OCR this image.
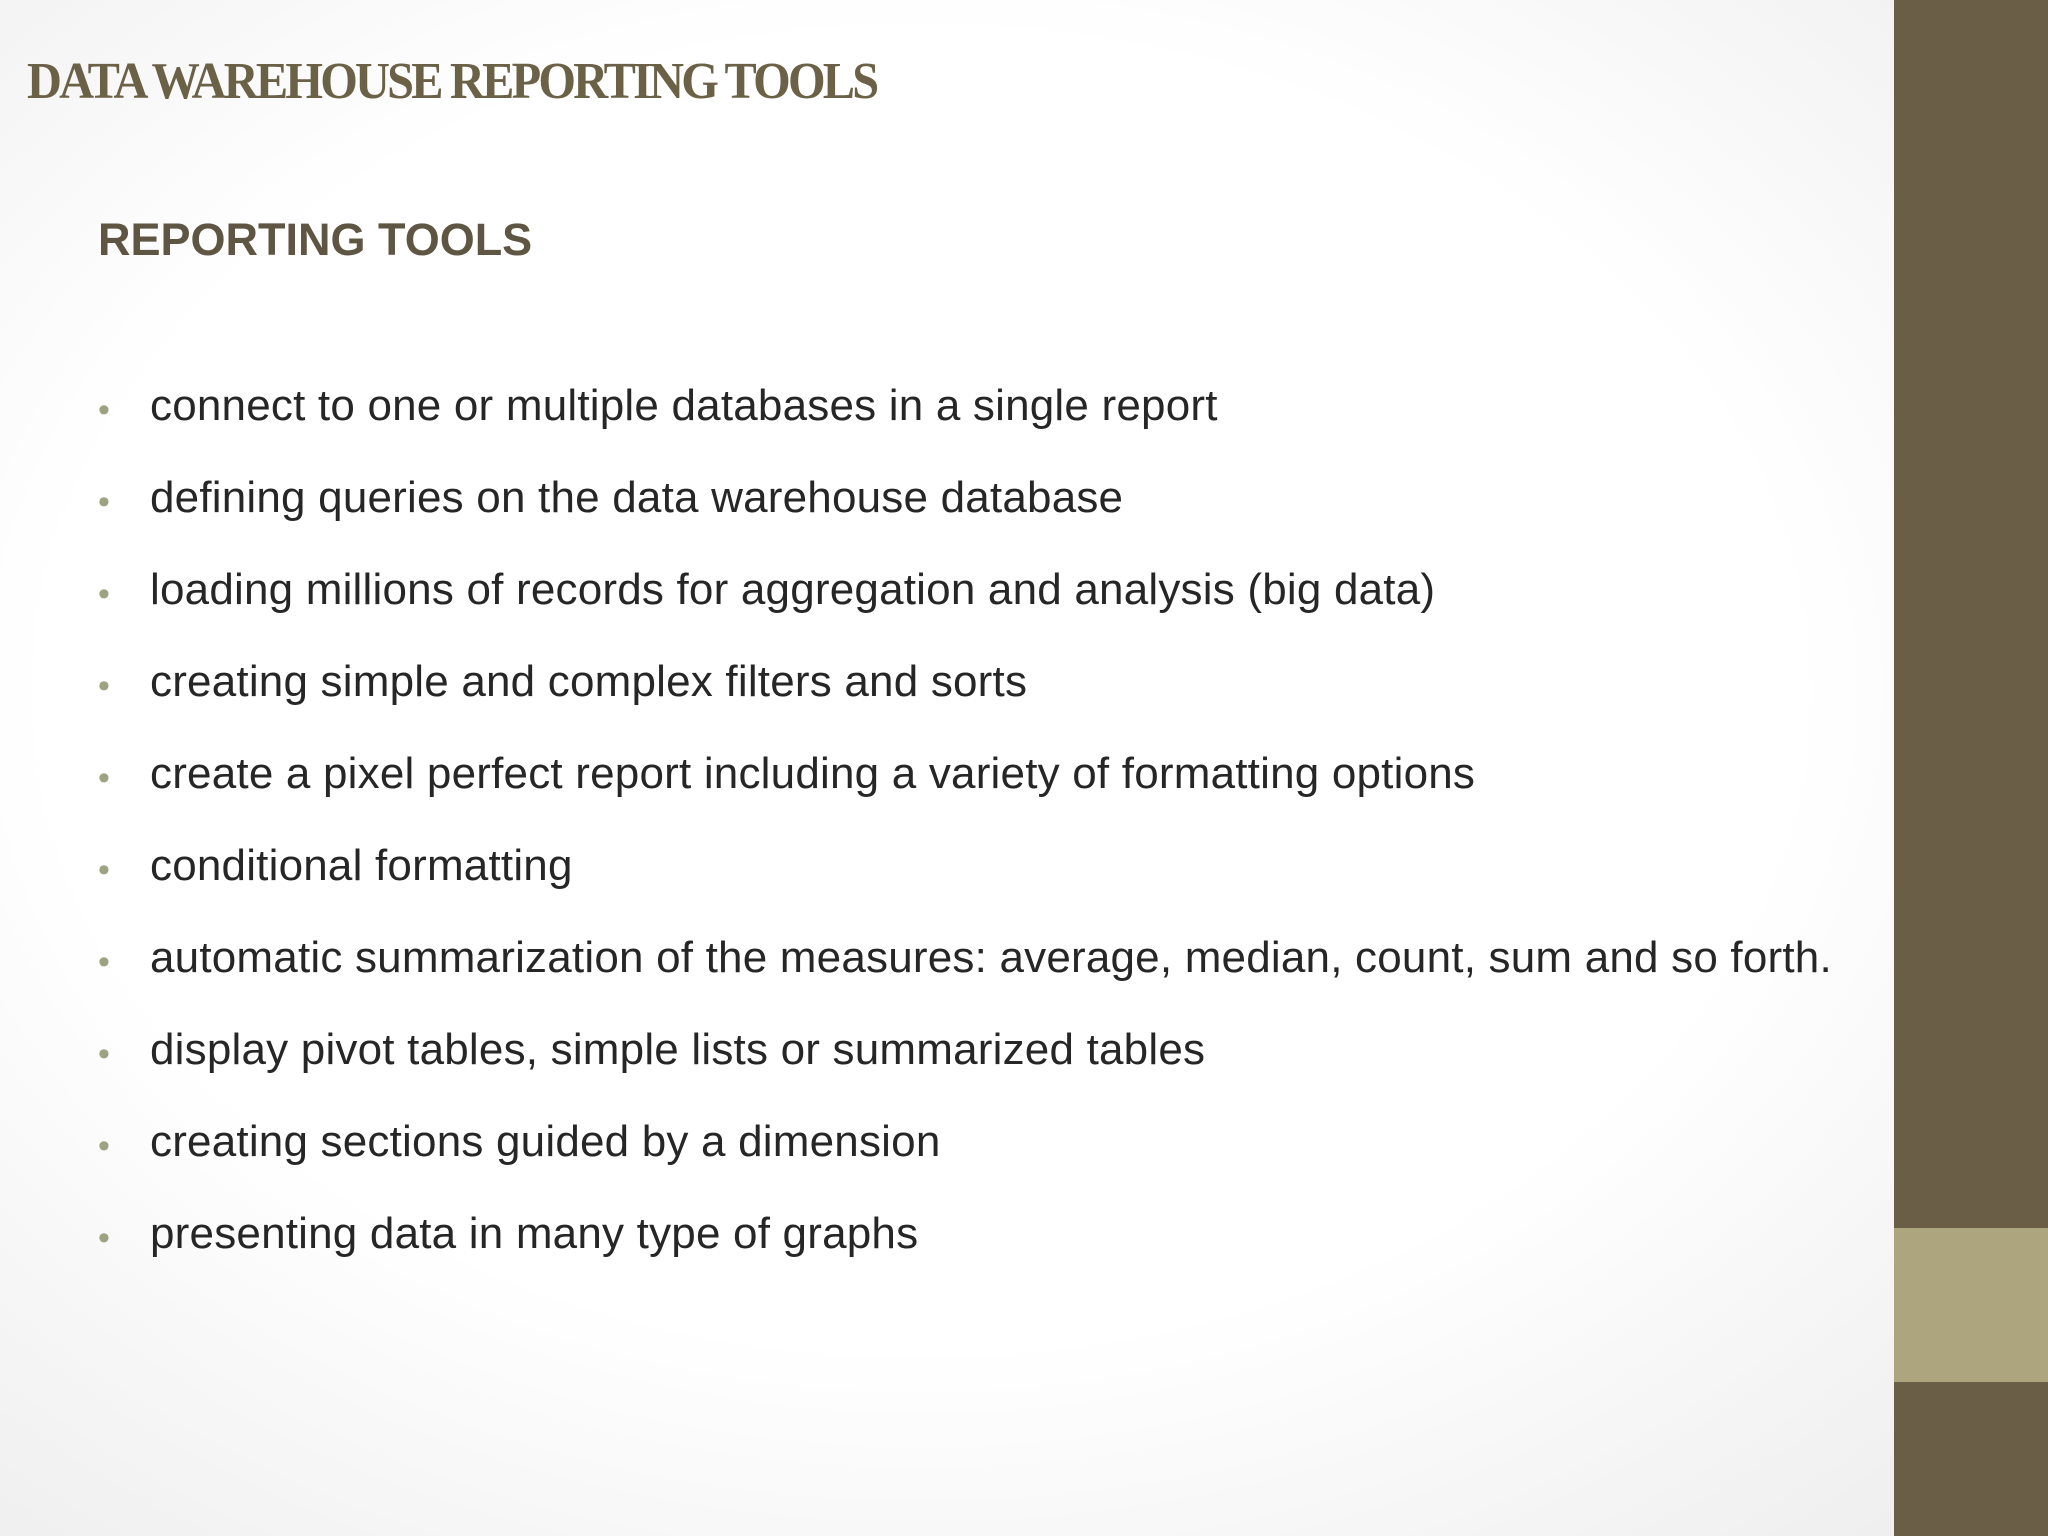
DATA WAREHOUSE REPORTING TOOLS
REPORTING TOOLS
• connect to one or multiple databases in a single report
• defining queries on the data warehouse database
• loading millions of records for aggregation and analysis (big data)
• creating simple and complex filters and sorts
• create a pixel perfect report including a variety of formatting options
• conditional formatting
• automatic summarization of the measures: average, median, count, sum and so forth.
• display pivot tables, simple lists or summarized tables
• creating sections guided by a dimension
• presenting data in many type of graphs
